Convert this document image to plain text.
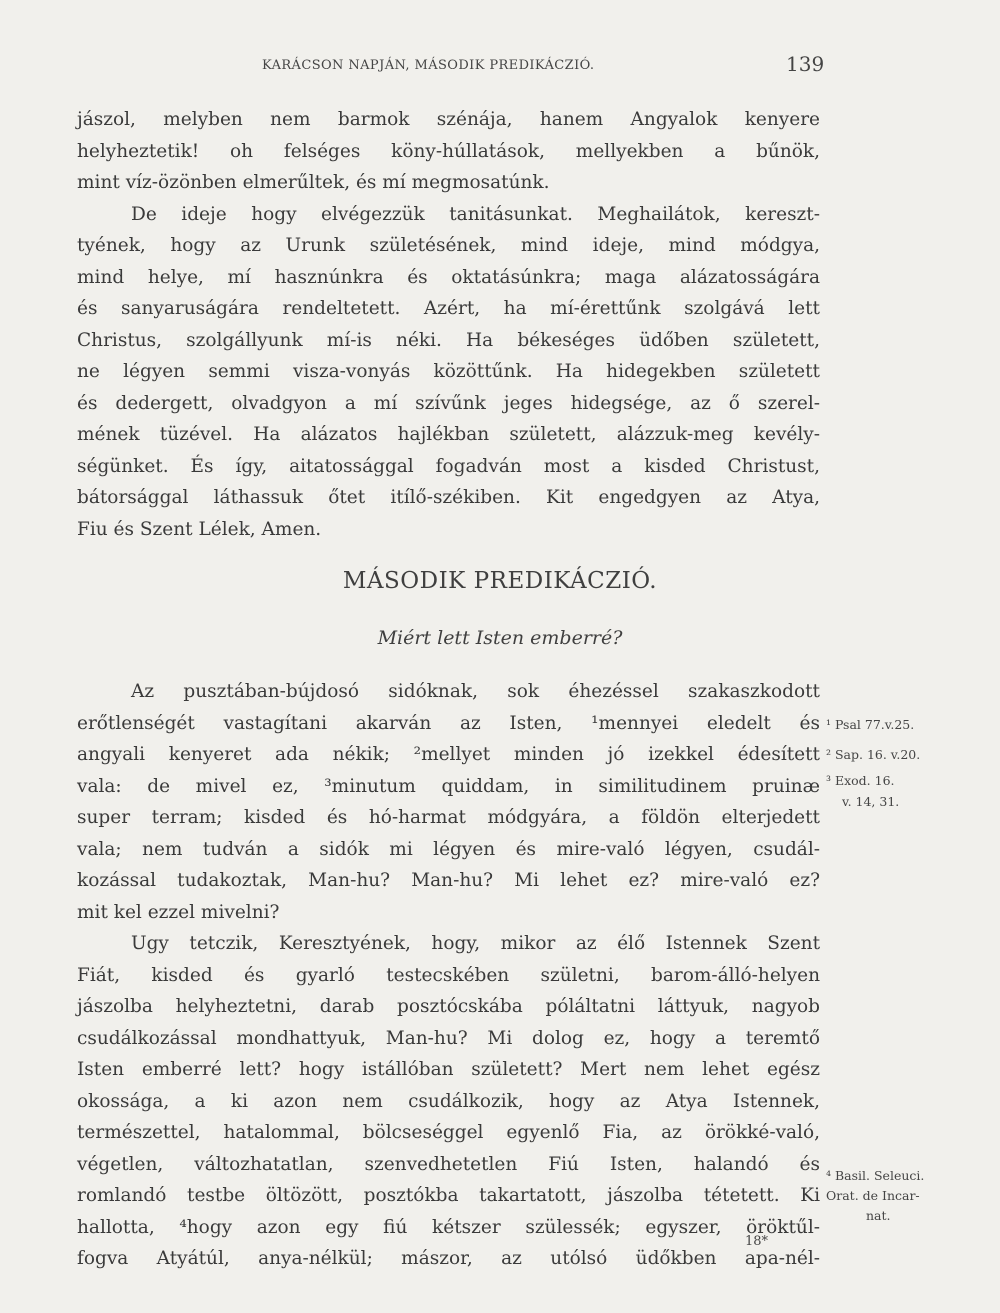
KARÁCSON NAPJÁN, MÁSODIK PREDIKÁCZIÓ.	139
jászol, melyben nem barmok szénája, hanem Angyalok kenyere
helyheztetik! oh felséges köny-húllatások, mellyekben a bűnök,
mint víz-özönben elmerűltek, és mí megmosatúnk.
De ideje hogy elvégezzük tanitásunkat. Meghailátok, kereszt-
tyének, hogy az Urunk születésének, mind ideje, mind módgya,
mind helye, mí hasznúnkra és oktatásúnkra; maga alázatosságára
és sanyaruságára rendeltetett. Azért, ha mí-érettűnk szolgává lett
Christus, szolgállyunk mí-is néki. Ha békeséges üdőben született,
ne légyen semmi visza-vonyás közöttűnk. Ha hidegekben született
és dedergett, olvadgyon a mí szívűnk jeges hidegsége, az ő szerel-
mének tüzével. Ha alázatos hajlékban született, alázzuk-meg kevély-
ségünket. És így, aitatossággal fogadván most a kisded Christust,
bátorsággal láthassuk őtet itílő-székiben. Kit engedgyen az Atya,
Fiu és Szent Lélek, Amen.
MÁSODIK PREDIKÁCZIÓ.
Miért lett Isten emberré?
Az pusztában-bújdosó sidóknak, sok éhezéssel szakaszkodott
erőtlenségét vastagítani akarván az Isten, ¹mennyei eledelt és
angyali kenyeret ada nékik; ²mellyet minden jó izekkel édesített
vala: de mivel ez, ³minutum quiddam, in similitudinem pruinæ
super terram; kisded és hó-harmat módgyára, a földön elterjedett
vala; nem tudván a sidók mi légyen és mire-való légyen, csudál-
kozással tudakoztak, Man-hu? Man-hu? Mi lehet ez? mire-való ez?
mit kel ezzel mivelni?
Ugy tetczik, Keresztyének, hogy, mikor az élő Istennek Szent
Fiát, kisded és gyarló testecskében születni, barom-álló-helyen
jászolba helyheztetni, darab posztócskába póláltatni láttyuk, nagyob
csudálkozással mondhattyuk, Man-hu? Mi dolog ez, hogy a teremtő
Isten emberré lett? hogy istállóban született? Mert nem lehet egész
okossága, a ki azon nem csudálkozik, hogy az Atya Istennek,
természettel, hatalommal, bölcseséggel egyenlő Fia, az örökké-való,
végetlen, változhatatlan, szenvedhetetlen Fiú Isten, halandó és
romlandó testbe öltözött, posztókba takartatott, jászolba tétetett. Ki
hallotta, ⁴hogy azon egy fiú kétszer szülessék; egyszer, öröktűl-
fogva Atyátúl, anya-nélkül; mászor, az utólsó üdőkben apa-nél-
¹ Psal 77.v.25.
² Sap. 16. v.20.
³ Exod. 16.
v. 14, 31.
⁴ Basil. Seleuci.
Orat. de Incar-
nat.
18*
